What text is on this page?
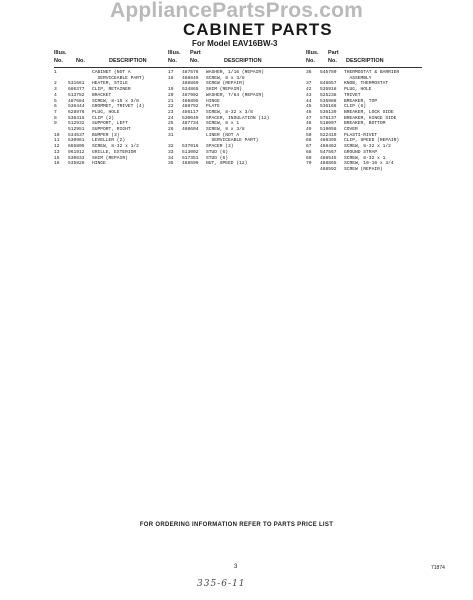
AppliancePartsPros.com
CABINET PARTS
For Model EAV16BW-3
Illus.
No. No.	DESCRIPTION
1	CABINET (NOT A
SERVICEABLE PART)
2	531661	HEATER, STILE
3	686377	CLIP, RETAINER
4	513752	BRACKET
5	487684	SCREW, 8-15 x 3/8
6	536444	GROMMET, TRIVET (4)
7	628976	PLUG, HOLE
8	536415	CLIP (2)
9	512932	SUPPORT, LEFT
512951	SUPPORT, RIGHT
10	534537	BUMPER (3)
11	530961	LEVELLER (2)
12	665805	SCREW, 8-32 x 1/2
13	961912	GRILLE, EXTERIOR
15	530833	SHIM (REPAIR)
16	535828	HINGE
Illus. Part
No. No.	DESCRIPTION
17	487576	WASHER, 1/16 (REPAIR)
18	488849	SCREW, 8 x 3/8
488860	SCREW (REPAIR)
19	534865	SHIM (REPAIR)
20	487902	WASHER, 7/64 (REPAIR)
21	486895	HINGE
22	488792	PLATE
23	486117	SCREW, 8-32 x 3/8
24	530049	SPACER, INSULATION (12)
25	487734	SCREW, 8 x 1
26	488604	SCREW, 8 x 3/8
31	LINER (NOT A
SERVICEABLE PART)
32	537016	SPACER (3)
33	513002	STUD (6)
34	517351	STUD (6)
35	488599	NUT, SPEED (12)
Illus. Part
No. No. DESCRIPTION
36	545780	THERMOSTAT & BARRIER
ASSEMBLY
37	848657	KNOB, THERMOSTAT
42	535918	PLUG, HOLE
43	525238	TRIVET
44	535988	BREAKER, TOP
45	536166	CLIP (6)
46	536139	BREAKER, LOCK SIDE
47	576137	BREAKER, HINGE SIDE
48	518007	BREAKER, BOTTOM
49	519056	COVER
50	522419	PLASTI-RIVET
66	488395	CLIP, SPEED (REPAIR)
67	488462	SCREW, 8-32 x 1/2
68	547567	GROUND STRAP
69	488545	SCREW, 8-32 x 1
70	488865	SCREW, 10-16 x 3/4
488592	SCREW (REPAIR)
FOR ORDERING INFORMATION REFER TO PARTS PRICE LIST
3	71874
335-6-11
